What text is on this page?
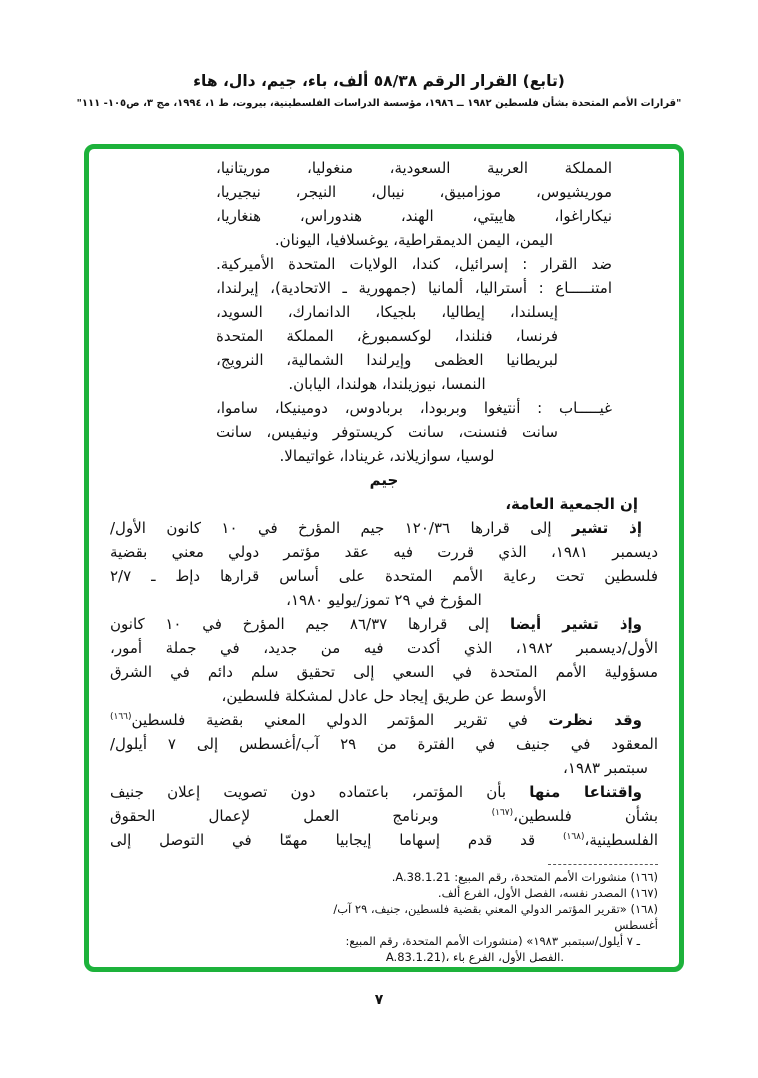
(تابع) القرار الرقم ٥٨/٣٨ ألف، باء، جيم، دال، هاء
"قرارات الأمم المتحدة بشأن فلسطين ١٩٨٢ ــ ١٩٨٦، مؤسسة الدراسات الفلسطينية، بيروت، ط ١، ١٩٩٤، مج ٣، ص١٠٥- ١١١"
المملكة العربية السعودية، منغوليا، موريتانيا،
موريشيوس، موزامبيق، نيبال، النيجر، نيجيريا،
نيكاراغوا، هاييتي، الهند، هندوراس، هنغاريا،
اليمن، اليمن الديمقراطية، يوغسلافيا، اليونان.
ضد القرار : إسرائيل، كندا، الولايات المتحدة الأميركية.
امتنـــــاع : أستراليا، ألمانيا (جمهورية ـ الاتحادية)، إيرلندا،
إيسلندا، إيطاليا، بلجيكا، الدانمارك، السويد،
فرنسا، فنلندا، لوكسمبورغ، المملكة المتحدة
لبريطانيا العظمى وإيرلندا الشمالية، النرويج،
النمسا، نيوزيلندا، هولندا، اليابان.
غيـــــاب : أنتيغوا وبربودا، بربادوس، دومينيكا، ساموا،
سانت فنسنت، سانت كريستوفر ونيفيس، سانت
لوسيا، سوازيلاند، غرينادا، غواتيمالا.
جيم
إن الجمعية العامة،
إذ تشير إلى قرارها ١٢٠/٣٦ جيم المؤرخ في ١٠ كانون الأول/
ديسمبر ١٩٨١، الذي قررت فيه عقد مؤتمر دولي معني بقضية
فلسطين تحت رعاية الأمم المتحدة على أساس قرارها دإط ـ ٢/٧
المؤرخ في ٢٩ تموز/يوليو ١٩٨٠،
وإذ تشير أيضا إلى قرارها ٨٦/٣٧ جيم المؤرخ في ١٠ كانون
الأول/ديسمبر ١٩٨٢، الذي أكدت فيه من جديد، في جملة أمور،
مسؤولية الأمم المتحدة في السعي إلى تحقيق سلم دائم في الشرق
الأوسط عن طريق إيجاد حل عادل لمشكلة فلسطين،
وقد نظرت في تقرير المؤتمر الدولي المعني بقضية فلسطين$^{(١٦٦)}$
المعقود في جنيف في الفترة من ٢٩ آب/أغسطس إلى ٧ أيلول/
سبتمبر ١٩٨٣،
واقتناعا منها بأن المؤتمر، باعتماده دون تصويت إعلان جنيف
بشأن فلسطين،$^{(١٦٧)}$ وبرنامج العمل لإعمال الحقوق
الفلسطينية،$^{(١٦٨)}$ قد قدم إسهاما إيجابيا مهمّا في التوصل إلى
(١٦٦) منشورات الأمم المتحدة، رقم المبيع: A.38.1.21.
(١٦٧) المصدر نفسه، الفصل الأول، الفرع ألف.
(١٦٨) «تقرير المؤتمر الدولي المعني بقضية فلسطين، جنيف، ٢٩ آب/أغسطس
ـ ٧ أيلول/سبتمبر ١٩٨٣» (منشورات الأمم المتحدة، رقم المبيع:
A.83.1.21)، الفصل الأول، الفرع باء.
٧
